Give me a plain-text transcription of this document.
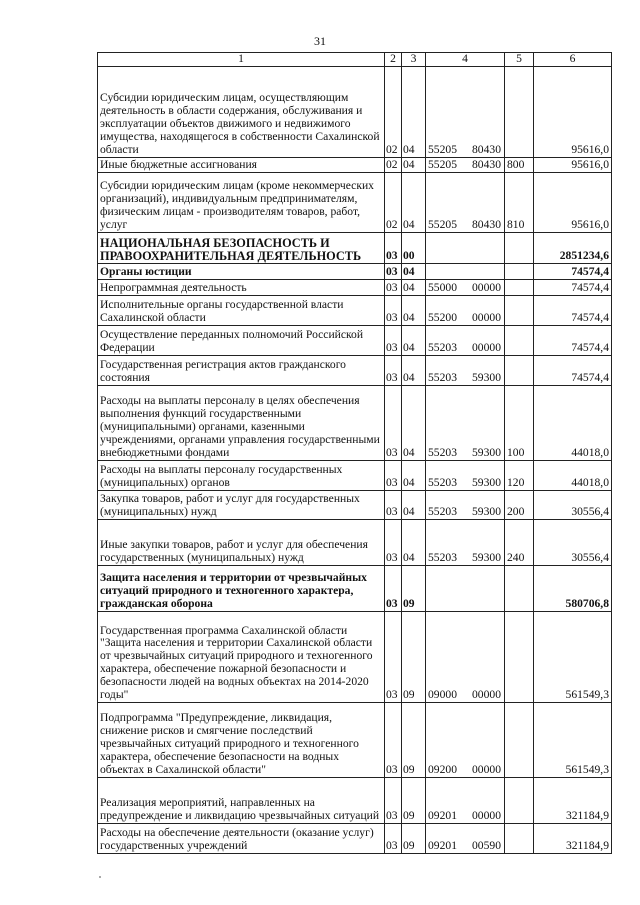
31
1	2	3	4	5	6
Субсидии юридическим лицам, осуществляющим деятельность в области содержания, обслуживания и эксплуатации объектов движимого и недвижимого имущества, находящегося в собственности Сахалинской области	02	04	55205 80430		95616,0
Иные бюджетные ассигнования	02	04	55205 80430	800	95616,0
Субсидии юридическим лицам (кроме некоммерческих организаций), индивидуальным предпринимателям, физическим лицам - производителям товаров, работ, услуг	02	04	55205 80430	810	95616,0
НАЦИОНАЛЬНАЯ БЕЗОПАСНОСТЬ И ПРАВООХРАНИТЕЛЬНАЯ ДЕЯТЕЛЬНОСТЬ	03	00			2851234,6
Органы юстиции	03	04			74574,4
Непрограммная деятельность	03	04	55000 00000		74574,4
Исполнительные органы государственной власти Сахалинской области	03	04	55200 00000		74574,4
Осуществление переданных полномочий Российской Федерации	03	04	55203 00000		74574,4
Государственная регистрация актов гражданского состояния	03	04	55203 59300		74574,4
Расходы на выплаты персоналу в целях обеспечения выполнения функций государственными (муниципальными) органами, казенными учреждениями, органами управления государственными внебюджетными фондами	03	04	55203 59300	100	44018,0
Расходы на выплаты персоналу государственных (муниципальных) органов	03	04	55203 59300	120	44018,0
Закупка товаров, работ и услуг для государственных (муниципальных) нужд	03	04	55203 59300	200	30556,4
Иные закупки товаров, работ и услуг для обеспечения государственных (муниципальных) нужд	03	04	55203 59300	240	30556,4
Защита населения и территории от чрезвычайных ситуаций природного и техногенного характера, гражданская оборона	03	09			580706,8
Государственная программа Сахалинской области "Защита населения и территории Сахалинской области от чрезвычайных ситуаций природного и техногенного характера, обеспечение пожарной безопасности и безопасности людей на водных объектах на 2014-2020 годы"	03	09	09000 00000		561549,3
Подпрограмма "Предупреждение, ликвидация, снижение рисков и смягчение последствий чрезвычайных ситуаций природного и техногенного характера, обеспечение безопасности на водных объектах в Сахалинской области"	03	09	09200 00000		561549,3
Реализация мероприятий, направленных на предупреждение и ликвидацию чрезвычайных ситуаций	03	09	09201 00000		321184,9
Расходы на обеспечение деятельности (оказание услуг) государственных учреждений	03	09	09201 00590		321184,9
